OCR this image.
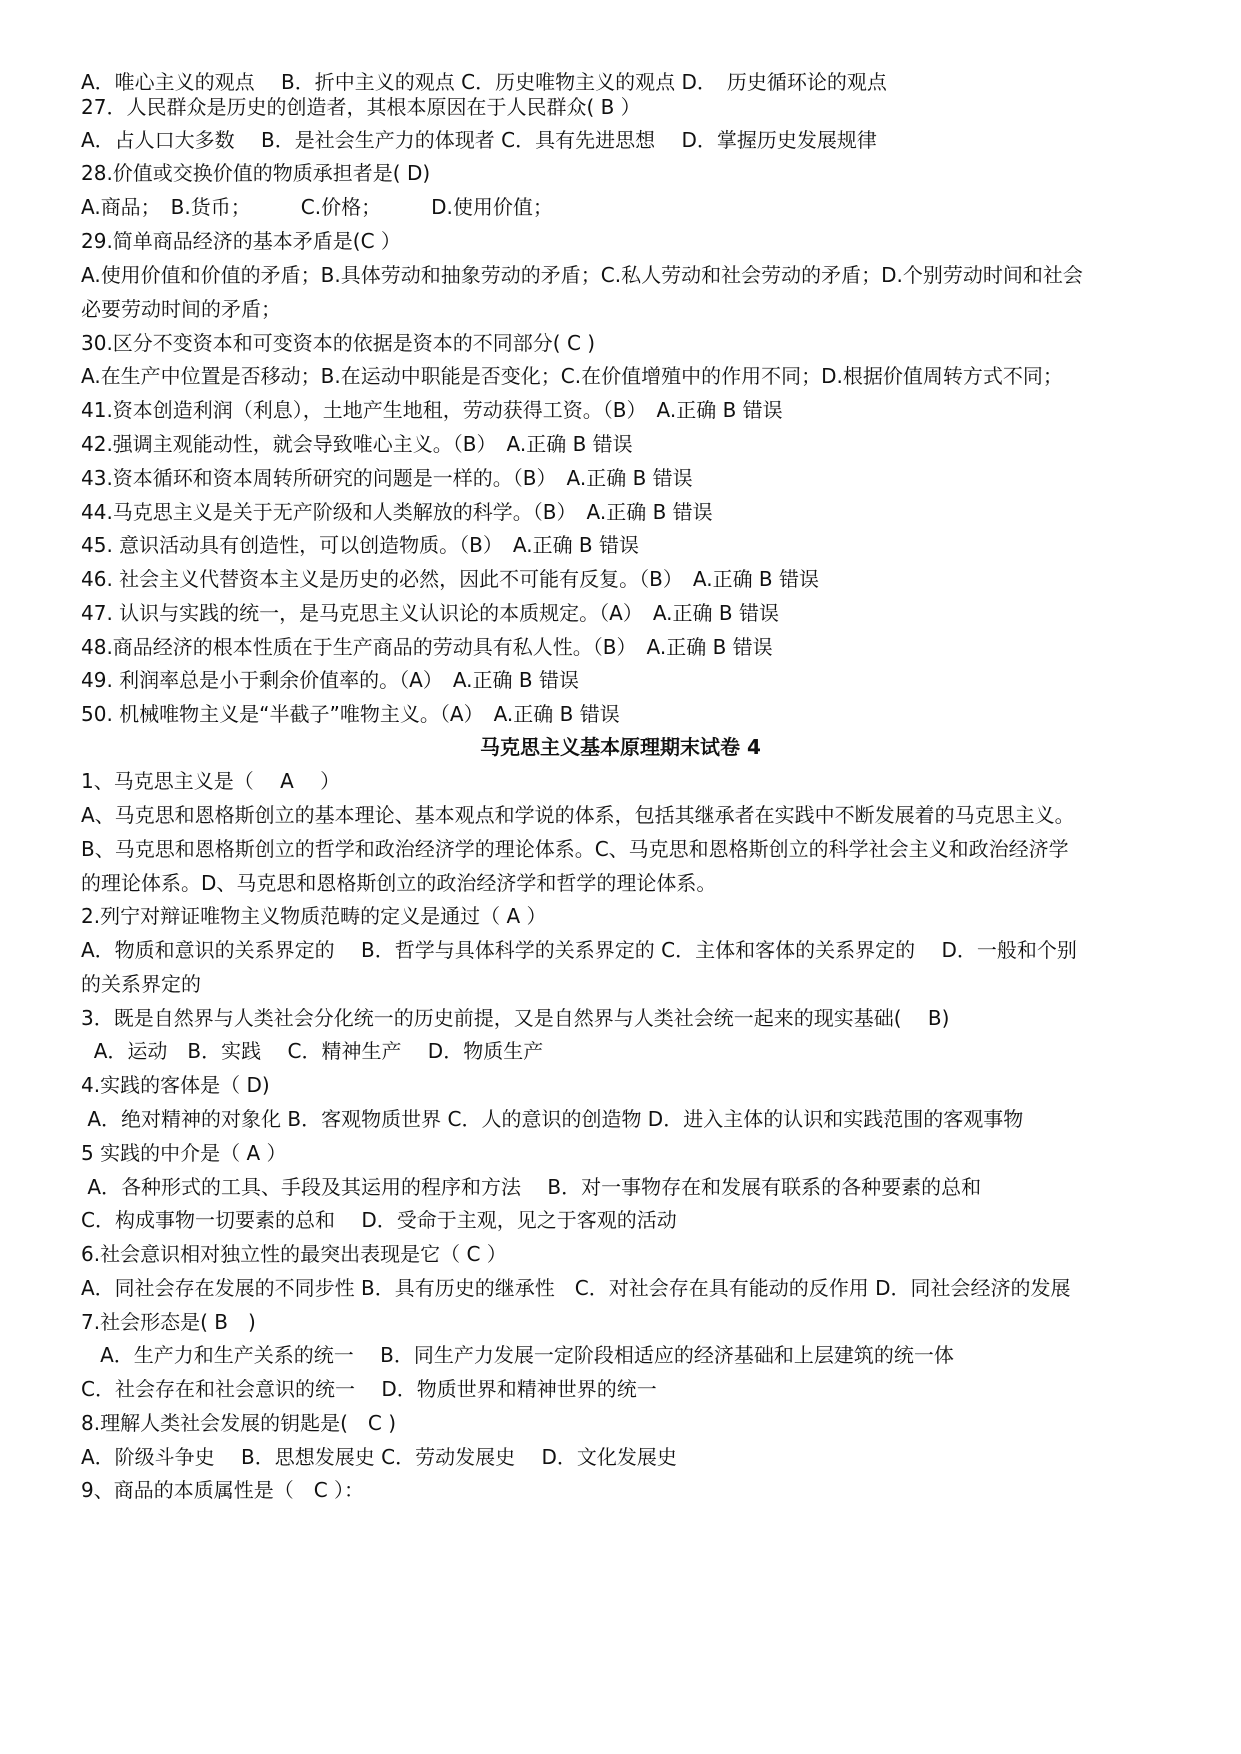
A．唯心主义的观点　 B．折中主义的观点 C．历史唯物主义的观点 D．　历史循环论的观点
27．人民群众是历史的创造者，其根本原因在于人民群众( B ）
A．占人口大多数　 B．是社会生产力的体现者 C．具有先进思想　 D．掌握历史发展规律
28.价值或交换价值的物质承担者是( D)
A.商品；　B.货币；　　　C.价格；　　　D.使用价值；
29.简单商品经济的基本矛盾是(C ）
A.使用价值和价值的矛盾；B.具体劳动和抽象劳动的矛盾；C.私人劳动和社会劳动的矛盾；D.个别劳动时间和社会
必要劳动时间的矛盾；
30.区分不变资本和可变资本的依据是资本的不同部分( C )
A.在生产中位置是否移动；B.在运动中职能是否变化；C.在价值增殖中的作用不同；D.根据价值周转方式不同；
41.资本创造利润（利息），土地产生地租，劳动获得工资。（B）　A.正确 B 错误
42.强调主观能动性，就会导致唯心主义。（B）　A.正确 B 错误
43.资本循环和资本周转所研究的问题是一样的。（B）　A.正确 B 错误
44.马克思主义是关于无产阶级和人类解放的科学。（B）　A.正确 B 错误
45. 意识活动具有创造性，可以创造物质。（B）　A.正确 B 错误
46. 社会主义代替资本主义是历史的必然，因此不可能有反复。（B）　A.正确 B 错误
47. 认识与实践的统一，是马克思主义认识论的本质规定。（A）　A.正确 B 错误
48.商品经济的根本性质在于生产商品的劳动具有私人性。（B）　A.正确 B 错误
49. 利润率总是小于剩余价值率的。（A）　A.正确 B 错误
50. 机械唯物主义是“半截子”唯物主义。（A）　A.正确 B 错误
马克思主义基本原理期末试卷 4
1、马克思主义是（　 A　 ）
A、马克思和恩格斯创立的基本理论、基本观点和学说的体系，包括其继承者在实践中不断发展着的马克思主义。
B、马克思和恩格斯创立的哲学和政治经济学的理论体系。C、马克思和恩格斯创立的科学社会主义和政治经济学
的理论体系。D、马克思和恩格斯创立的政治经济学和哲学的理论体系。
2.列宁对辩证唯物主义物质范畴的定义是通过（ A ）
A．物质和意识的关系界定的　 B．哲学与具体科学的关系界定的 C．主体和客体的关系界定的　 D．一般和个别
的关系界定的
3．既是自然界与人类社会分化统一的历史前提，又是自然界与人类社会统一起来的现实基础(　 B)
A．运动　B．实践　 C．精神生产　 D．物质生产
4.实践的客体是（ D)
A．绝对精神的对象化 B．客观物质世界 C．人的意识的创造物 D．进入主体的认识和实践范围的客观事物
5 实践的中介是（ A ）
A．各种形式的工具、手段及其运用的程序和方法　 B．对一事物存在和发展有联系的各种要素的总和
C．构成事物一切要素的总和　 D．受命于主观，见之于客观的活动
6.社会意识相对独立性的最突出表现是它（ C ）
A．同社会存在发展的不同步性 B．具有历史的继承性　C．对社会存在具有能动的反作用 D．同社会经济的发展
7.社会形态是( B　)
A．生产力和生产关系的统一　 B．同生产力发展一定阶段相适应的经济基础和上层建筑的统一体
C．社会存在和社会意识的统一　 D．物质世界和精神世界的统一
8.理解人类社会发展的钥匙是(　C )
A．阶级斗争史　 B．思想发展史 C．劳动发展史　 D．文化发展史
9、商品的本质属性是（　C ）：
